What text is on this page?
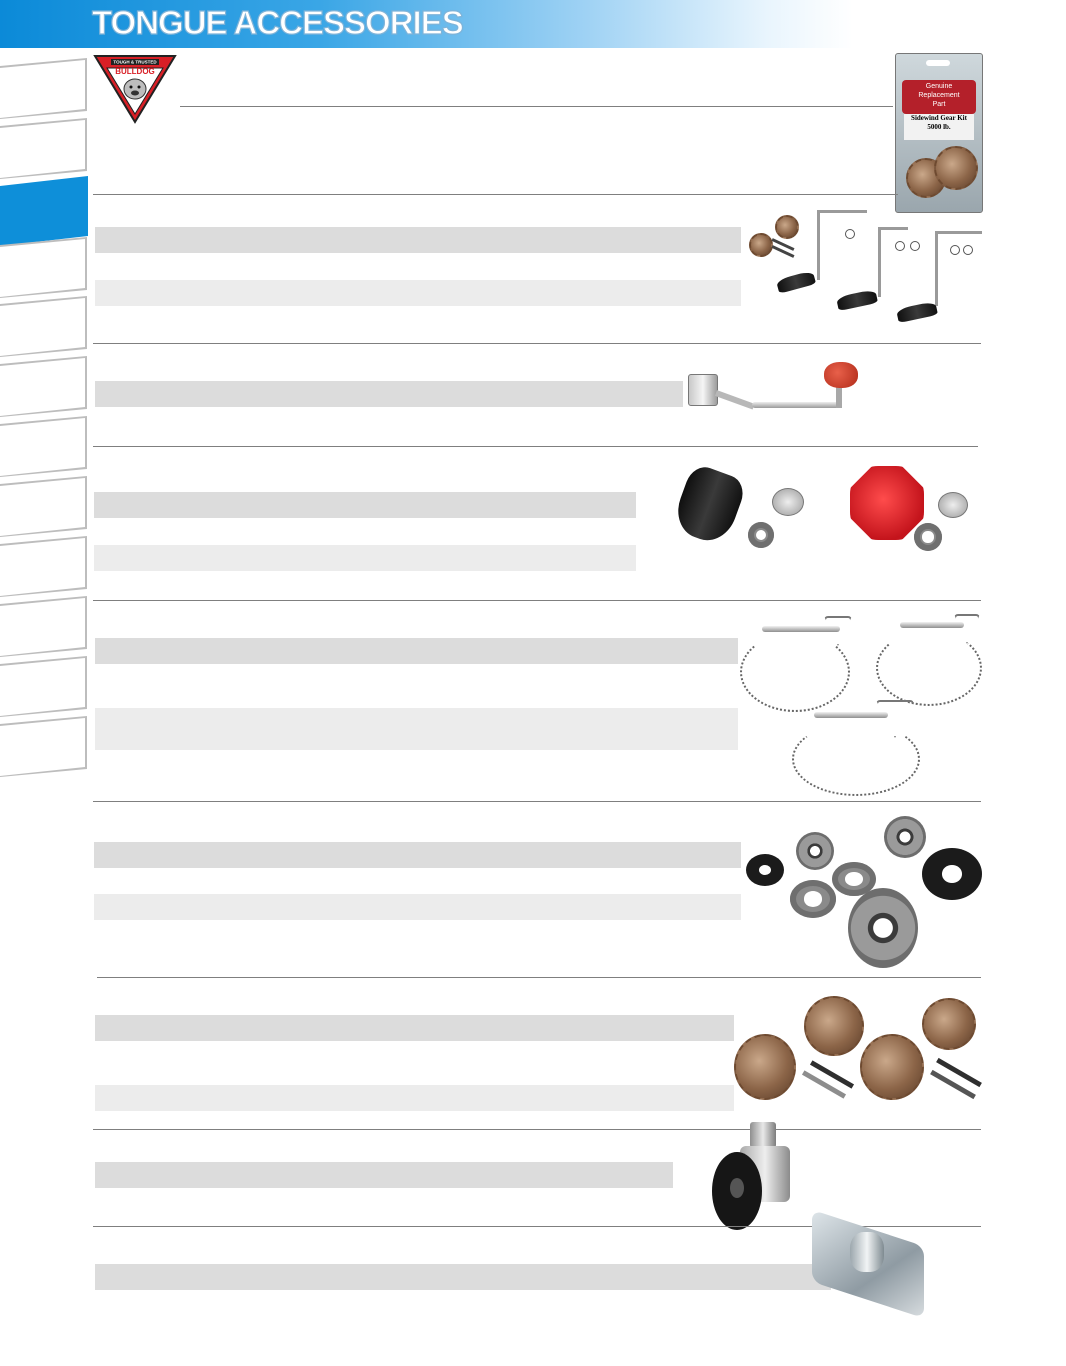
TONGUE ACCESSORIES
TOUGH & TRUSTED
BULLDOG
Genuine
Replacement
Part
Sidewind Gear Kit
5000 lb.
